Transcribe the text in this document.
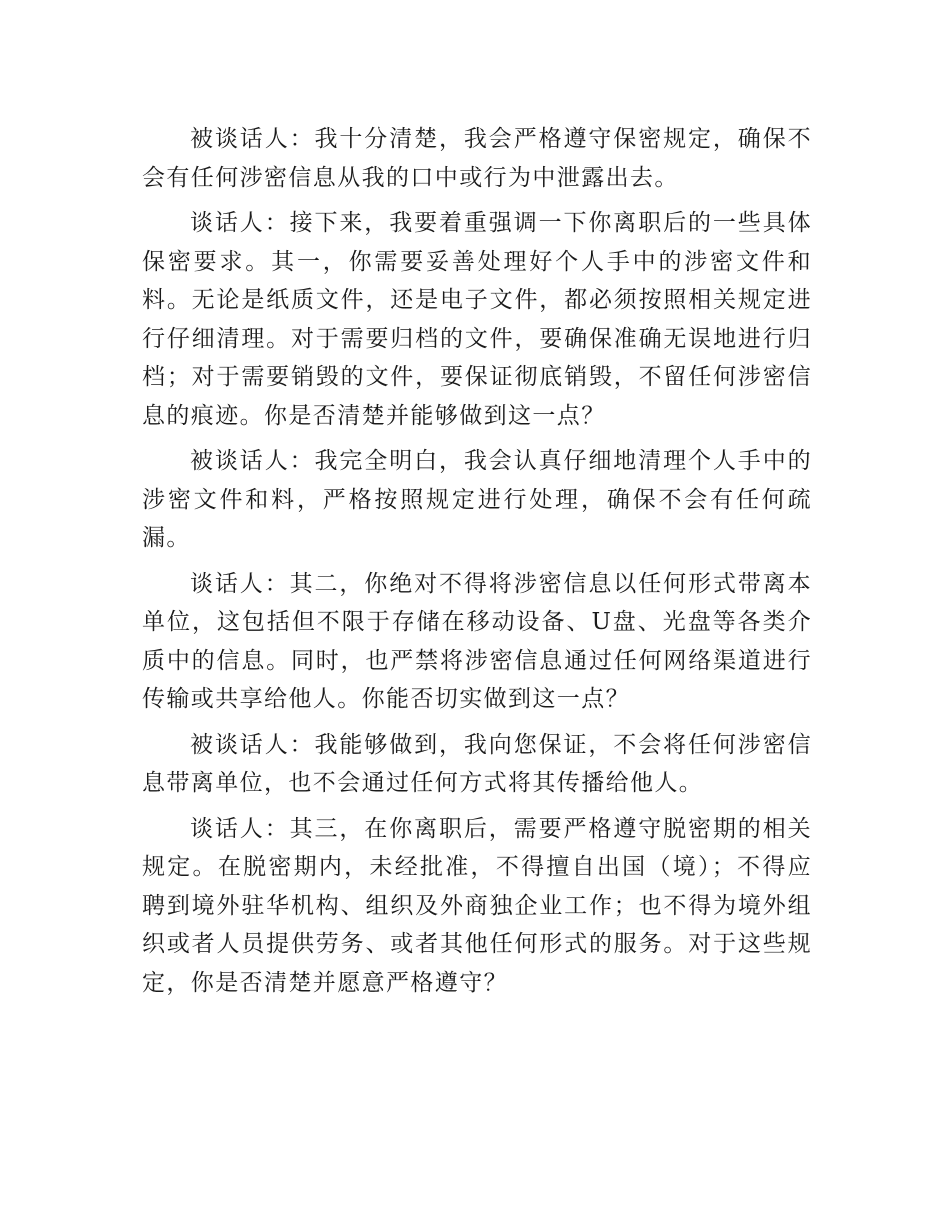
被谈话人：我十分清楚，我会严格遵守保密规定，确保不会有任何涉密信息从我的口中或行为中泄露出去。

谈话人：接下来，我要着重强调一下你离职后的一些具体保密要求。其一，你需要妥善处理好个人手中的涉密文件和料。无论是纸质文件，还是电子文件，都必须按照相关规定进行仔细清理。对于需要归档的文件，要确保准确无误地进行归档；对于需要销毁的文件，要保证彻底销毁，不留任何涉密信息的痕迹。你是否清楚并能够做到这一点？

被谈话人：我完全明白，我会认真仔细地清理个人手中的涉密文件和料，严格按照规定进行处理，确保不会有任何疏漏。

谈话人：其二，你绝对不得将涉密信息以任何形式带离本单位，这包括但不限于存储在移动设备、U盘、光盘等各类介质中的信息。同时，也严禁将涉密信息通过任何网络渠道进行传输或共享给他人。你能否切实做到这一点？

被谈话人：我能够做到，我向您保证，不会将任何涉密信息带离单位，也不会通过任何方式将其传播给他人。

谈话人：其三，在你离职后，需要严格遵守脱密期的相关规定。在脱密期内，未经批准，不得擅自出国（境）；不得应聘到境外驻华机构、组织及外商独企业工作；也不得为境外组织或者人员提供劳务、或者其他任何形式的服务。对于这些规定，你是否清楚并愿意严格遵守？
